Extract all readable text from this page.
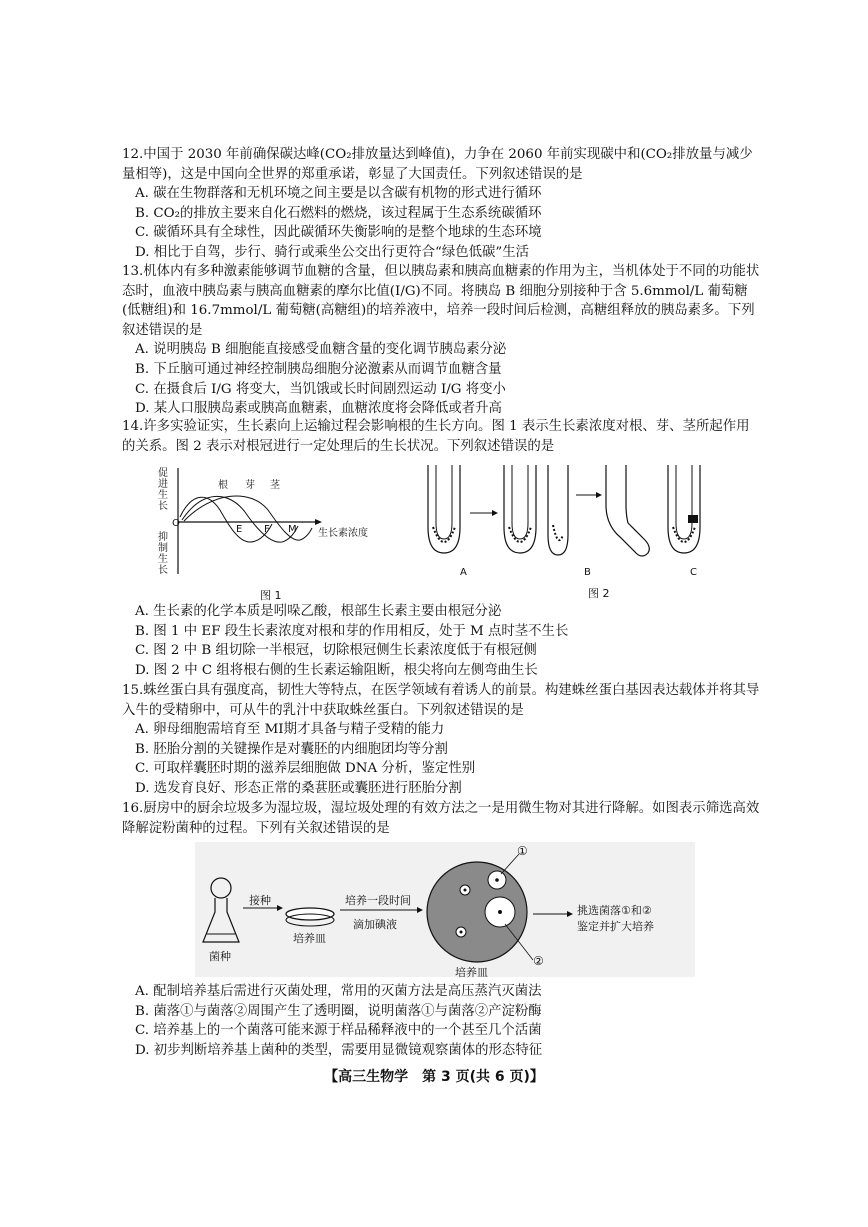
12.中国于 2030 年前确保碳达峰(CO₂排放量达到峰值)，力争在 2060 年前实现碳中和(CO₂排放量与减少量相等)，这是中国向全世界的郑重承诺，彰显了大国责任。下列叙述错误的是

A. 碳在生物群落和无机环境之间主要是以含碳有机物的形式进行循环

B. CO₂的排放主要来自化石燃料的燃烧，该过程属于生态系统碳循环

C. 碳循环具有全球性，因此碳循环失衡影响的是整个地球的生态环境

D. 相比于自驾，步行、骑行或乘坐公交出行更符合“绿色低碳”生活

13.机体内有多种激素能够调节血糖的含量，但以胰岛素和胰高血糖素的作用为主，当机体处于不同的功能状态时，血液中胰岛素与胰高血糖素的摩尔比值(I/G)不同。将胰岛 B 细胞分别接种于含 5.6mmol/L 葡萄糖(低糖组)和 16.7mmol/L 葡萄糖(高糖组)的培养液中，培养一段时间后检测，高糖组释放的胰岛素多。下列叙述错误的是

A. 说明胰岛 B 细胞能直接感受血糖含量的变化调节胰岛素分泌

B. 下丘脑可通过神经控制胰岛细胞分泌激素从而调节血糖含量

C. 在摄食后 I/G 将变大，当饥饿或长时间剧烈运动 I/G 将变小

D. 某人口服胰岛素或胰高血糖素，血糖浓度将会降低或者升高

14.许多实验证实，生长素向上运输过程会影响根的生长方向。图 1 表示生长素浓度对根、芽、茎所起作用的关系。图 2 表示对根冠进行一定处理后的生长状况。下列叙述错误的是

促进生长
抑制生长
O
根 芽 茎
E F M 生长素浓度
图 1
A	B	C
图 2

A. 生长素的化学本质是吲哚乙酸，根部生长素主要由根冠分泌

B. 图 1 中 EF 段生长素浓度对根和芽的作用相反，处于 M 点时茎不生长

C. 图 2 中 B 组切除一半根冠，切除根冠侧生长素浓度低于有根冠侧

D. 图 2 中 C 组将根右侧的生长素运输阻断，根尖将向左侧弯曲生长

15.蛛丝蛋白具有强度高，韧性大等特点，在医学领域有着诱人的前景。构建蛛丝蛋白基因表达载体并将其导入牛的受精卵中，可从牛的乳汁中获取蛛丝蛋白。下列叙述错误的是

A. 卵母细胞需培育至 MⅠ期才具备与精子受精的能力

B. 胚胎分割的关键操作是对囊胚的内细胞团均等分割

C. 可取样囊胚时期的滋养层细胞做 DNA 分析，鉴定性别

D. 选发育良好、形态正常的桑葚胚或囊胚进行胚胎分割

16.厨房中的厨余垃圾多为湿垃圾，湿垃圾处理的有效方法之一是用微生物对其进行降解。如图表示筛选高效降解淀粉菌种的过程。下列有关叙述错误的是

菌种
接种
培养皿
培养一段时间
滴加碘液
培养皿
①
②
挑选菌落①和②
鉴定并扩大培养

A. 配制培养基后需进行灭菌处理，常用的灭菌方法是高压蒸汽灭菌法

B. 菌落①与菌落②周围产生了透明圈，说明菌落①与菌落②产淀粉酶

C. 培养基上的一个菌落可能来源于样品稀释液中的一个甚至几个活菌

D. 初步判断培养基上菌种的类型，需要用显微镜观察菌体的形态特征

【高三生物学　第 3 页(共 6 页)】
